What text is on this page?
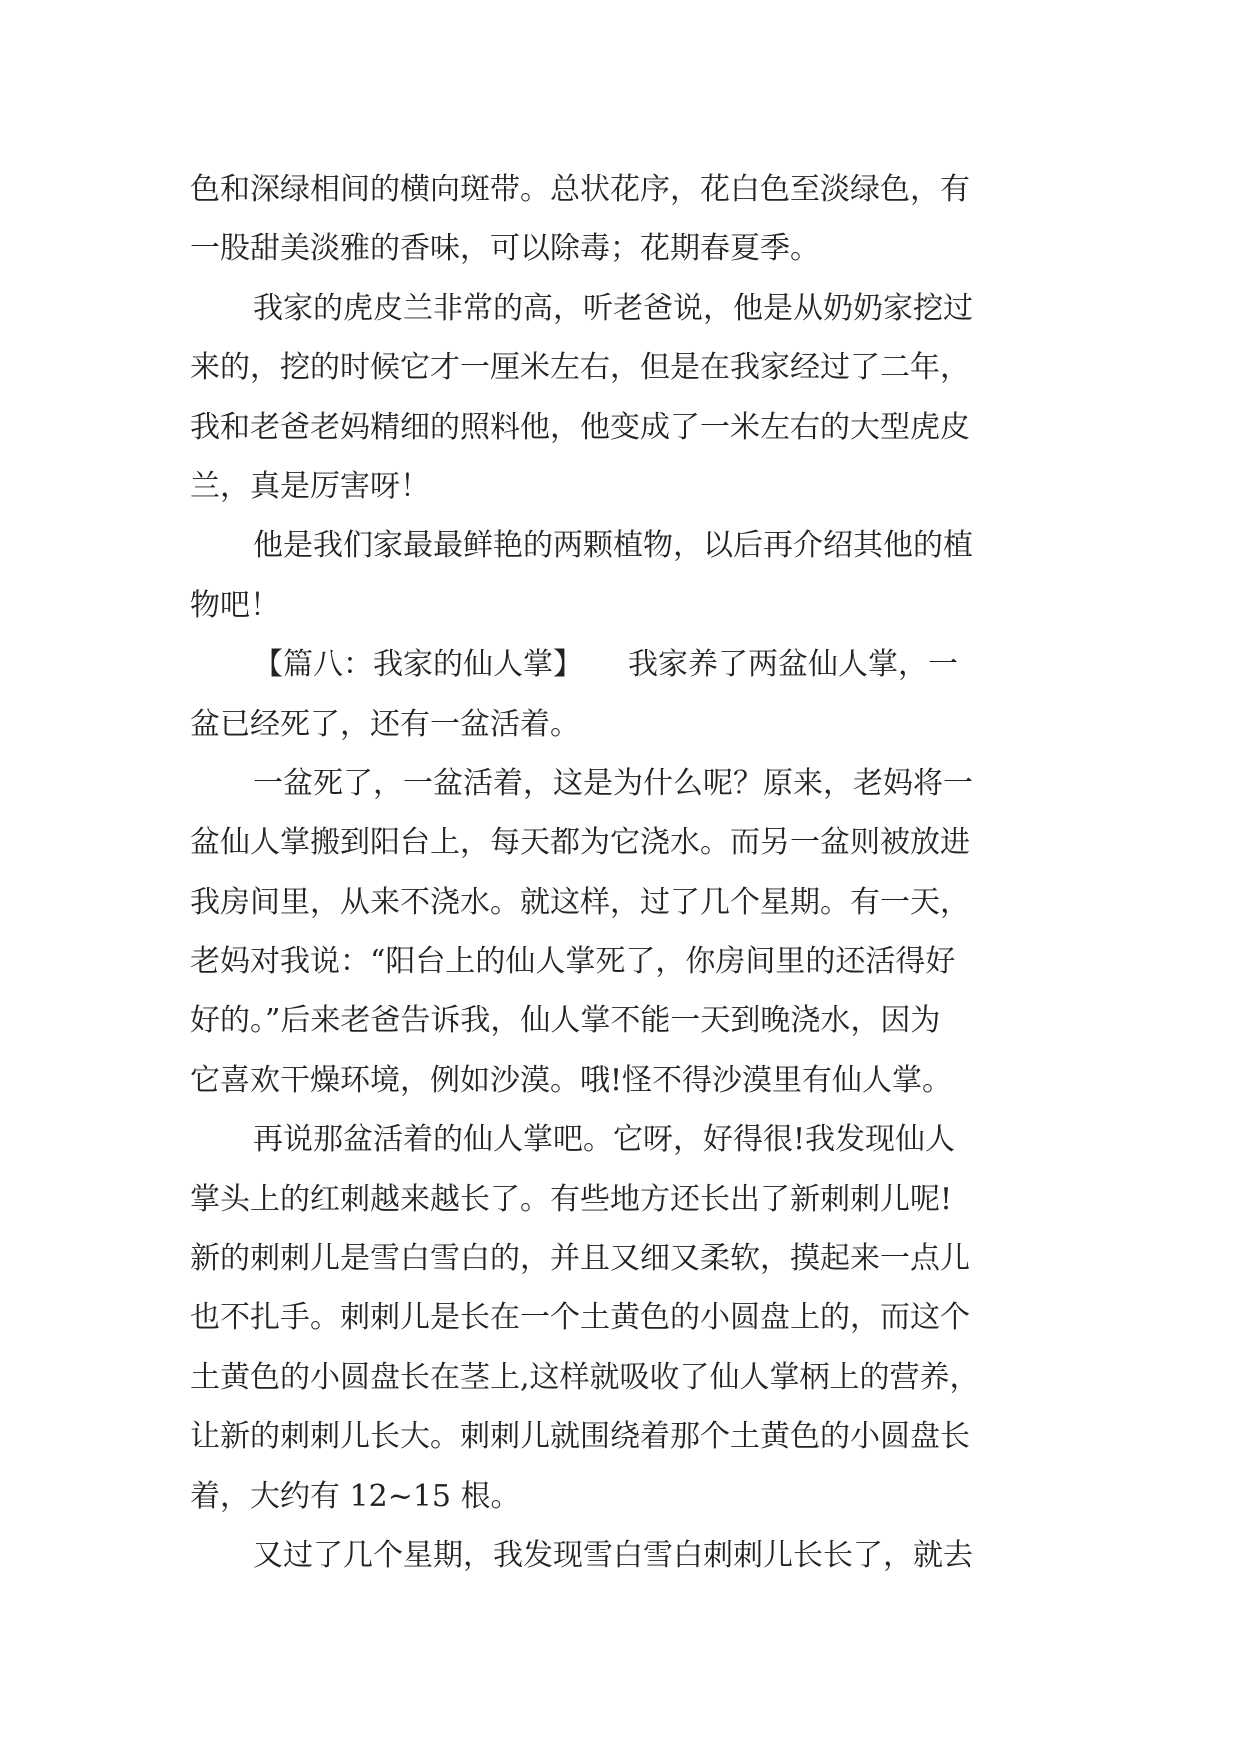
色和深绿相间的横向斑带。总状花序，花白色至淡绿色，有
一股甜美淡雅的香味，可以除毒；花期春夏季。
我家的虎皮兰非常的高，听老爸说，他是从奶奶家挖过
来的，挖的时候它才一厘米左右，但是在我家经过了二年，
我和老爸老妈精细的照料他，他变成了一米左右的大型虎皮
兰，真是厉害呀！
他是我们家最最鲜艳的两颗植物，以后再介绍其他的植
物吧！
【篇八：我家的仙人掌】　　我家养了两盆仙人掌，一
盆已经死了，还有一盆活着。
一盆死了，一盆活着，这是为什么呢？原来，老妈将一
盆仙人掌搬到阳台上，每天都为它浇水。而另一盆则被放进
我房间里，从来不浇水。就这样，过了几个星期。有一天，
老妈对我说：“阳台上的仙人掌死了，你房间里的还活得好
好的。”后来老爸告诉我，仙人掌不能一天到晚浇水，因为
它喜欢干燥环境，例如沙漠。哦!怪不得沙漠里有仙人掌。
再说那盆活着的仙人掌吧。它呀，好得很!我发现仙人
掌头上的红刺越来越长了。有些地方还长出了新刺刺儿呢!
新的刺刺儿是雪白雪白的，并且又细又柔软，摸起来一点儿
也不扎手。刺刺儿是长在一个土黄色的小圆盘上的，而这个
土黄色的小圆盘长在茎上,这样就吸收了仙人掌柄上的营养，
让新的刺刺儿长大。刺刺儿就围绕着那个土黄色的小圆盘长
着，大约有 12~15 根。
又过了几个星期，我发现雪白雪白刺刺儿长长了，就去
